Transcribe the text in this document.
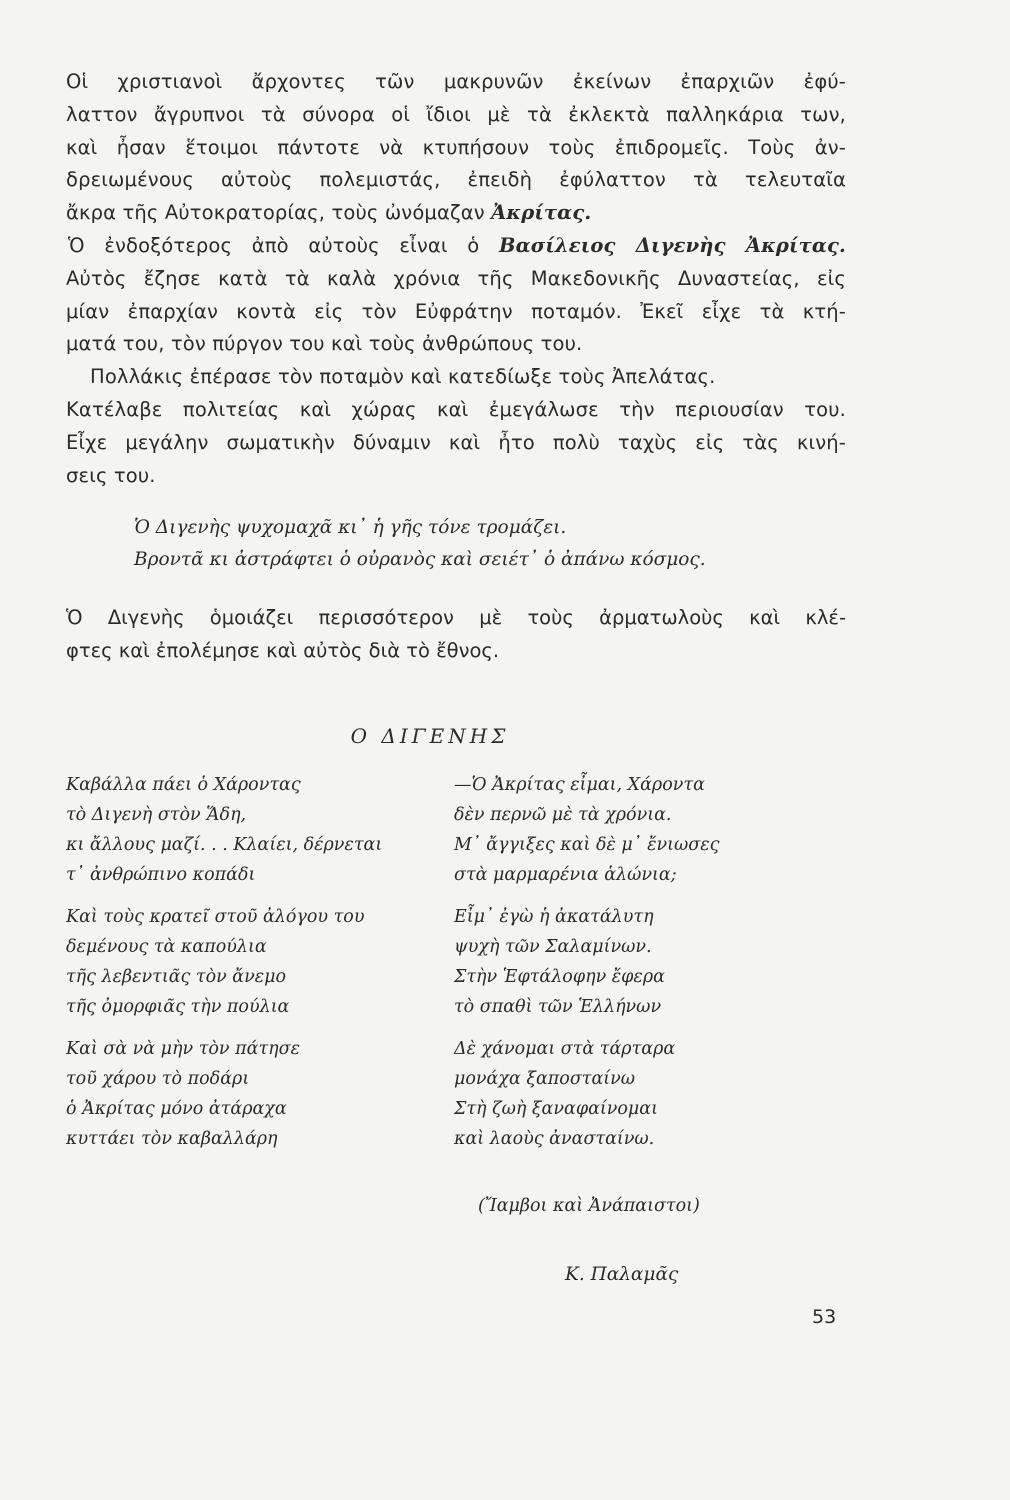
Οἱ χριστιανοὶ ἄρχοντες τῶν μακρυνῶν ἐκείνων ἐπαρχιῶν ἐφύ-
λαττον ἄγρυπνοι τὰ σύνορα οἱ ἴδιοι μὲ τὰ ἐκλεκτὰ παλληκάρια των,
καὶ ἦσαν ἕτοιμοι πάντοτε νὰ κτυπήσουν τοὺς ἐπιδρομεῖς. Τοὺς ἀν-
δρειωμένους αὐτοὺς πολεμιστάς, ἐπειδὴ ἐφύλαττον τὰ τελευταῖα
ἄκρα τῆς Αὐτοκρατορίας, τοὺς ὠνόμαζαν Ἀκρίτας.

Ὁ ἐνδοξότερος ἀπὸ αὐτοὺς εἶναι ὁ Βασίλειος Διγενὴς Ἀκρίτας.
Αὐτὸς ἔζησε κατὰ τὰ καλὰ χρόνια τῆς Μακεδονικῆς Δυναστείας, εἰς
μίαν ἐπαρχίαν κοντὰ εἰς τὸν Εὐφράτην ποταμόν. Ἐκεῖ εἶχε τὰ κτή-
ματά του, τὸν πύργον του καὶ τοὺς ἀνθρώπους του.

Πολλάκις ἐπέρασε τὸν ποταμὸν καὶ κατεδίωξε τοὺς Ἀπελάτας.
Κατέλαβε πολιτείας καὶ χώρας καὶ ἐμεγάλωσε τὴν περιουσίαν του.
Εἶχε μεγάλην σωματικὴν δύναμιν καὶ ἦτο πολὺ ταχὺς εἰς τὰς κινή-
σεις του.

Ὁ Διγενὴς ψυχομαχᾶ κι᾿ ἡ γῆς τόνε τρομάζει.
Βροντᾶ κι ἀστράφτει ὁ οὐρανὸς καὶ σειέτ᾿ ὁ ἀπάνω κόσμος.
Ὁ Διγενὴς ὁμοιάζει περισσότερον μὲ τοὺς ἀρματωλοὺς καὶ κλέ-
φτες καὶ ἐπολέμησε καὶ αὐτὸς διὰ τὸ ἔθνος.
Ο ΔΙΓΕΝΗΣ
Καβάλλα πάει ὁ Χάροντας
τὸ Διγενὴ στὸν Ἅδη,
κι ἄλλους μαζί. . . Κλαίει, δέρνεται
τ᾿ ἀνθρώπινο κοπάδι
Καὶ τοὺς κρατεῖ στοῦ ἀλόγου του
δεμένους τὰ καπούλια
τῆς λεβεντιᾶς τὸν ἄνεμο
τῆς ὀμορφιᾶς τὴν πούλια
Καὶ σὰ νὰ μὴν τὸν πάτησε
τοῦ χάρου τὸ ποδάρι
ὁ Ἀκρίτας μόνο ἀτάραχα
κυττάει τὸν καβαλλάρη
—Ὁ Ἀκρίτας εἶμαι, Χάροντα
δὲν περνῶ μὲ τὰ χρόνια.
Μ᾿ ἄγγιξες καὶ δὲ μ᾿ ἔνιωσες
στὰ μαρμαρένια ἁλώνια;
Εἶμ᾿ ἐγὼ ἡ ἀκατάλυτη
ψυχὴ τῶν Σαλαμίνων.
Στὴν Ἑφτάλοφην ἔφερα
τὸ σπαθὶ τῶν Ἑλλήνων
Δὲ χάνομαι στὰ τάρταρα
μονάχα ξαποσταίνω
Στὴ ζωὴ ξαναφαίνομαι
καὶ λαοὺς ἀνασταίνω.
(Ἴαμβοι καὶ Ἀνάπαιστοι)
Κ. Παλαμᾶς
53
